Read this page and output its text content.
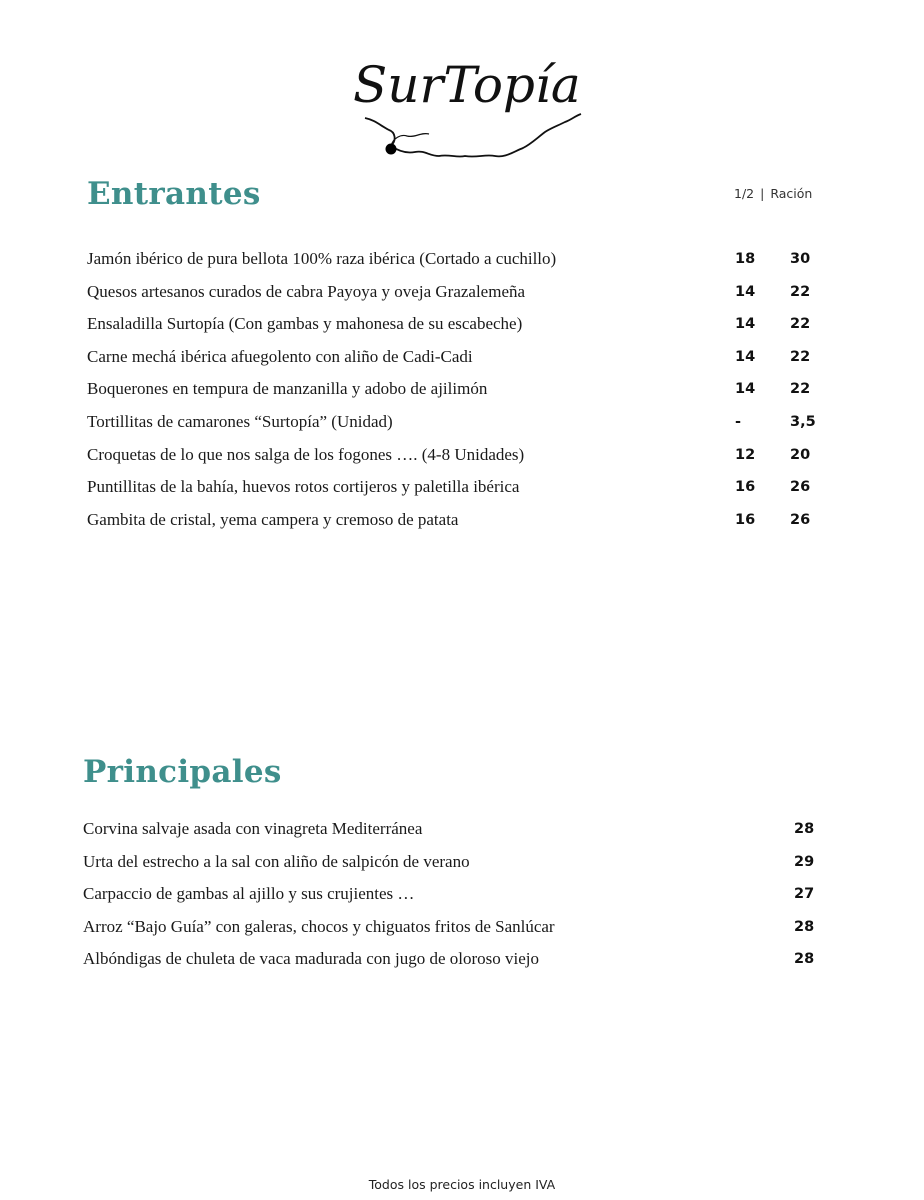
SurTopía
Entrantes	1/2 | Ración
Jamón ibérico de pura bellota 100% raza ibérica (Cortado a cuchillo)	18 30
Quesos artesanos curados de cabra Payoya y oveja Grazalemeña	14 22
Ensaladilla Surtopía (Con gambas y mahonesa de su escabeche)	14 22
Carne mechá ibérica afuegolento con aliño de Cadi-Cadi	14 22
Boquerones en tempura de manzanilla y adobo de ajilimón	14 22
Tortillitas de camarones “Surtopía” (Unidad)	-	3,5
Croquetas de lo que nos salga de los fogones …. (4-8 Unidades)	12 20
Puntillitas de la bahía, huevos rotos cortijeros y paletilla ibérica	16 26
Gambita de cristal, yema campera y cremoso de patata	16 26
Principales
Corvina salvaje asada con vinagreta Mediterránea	28
Urta del estrecho a la sal con aliño de salpicón de verano	29
Carpaccio de gambas al ajillo y sus crujientes …	27
Arroz “Bajo Guía” con galeras, chocos y chiguatos fritos de Sanlúcar	28
Albóndigas de chuleta de vaca madurada con jugo de oloroso viejo	28
Todos los precios incluyen IVA
